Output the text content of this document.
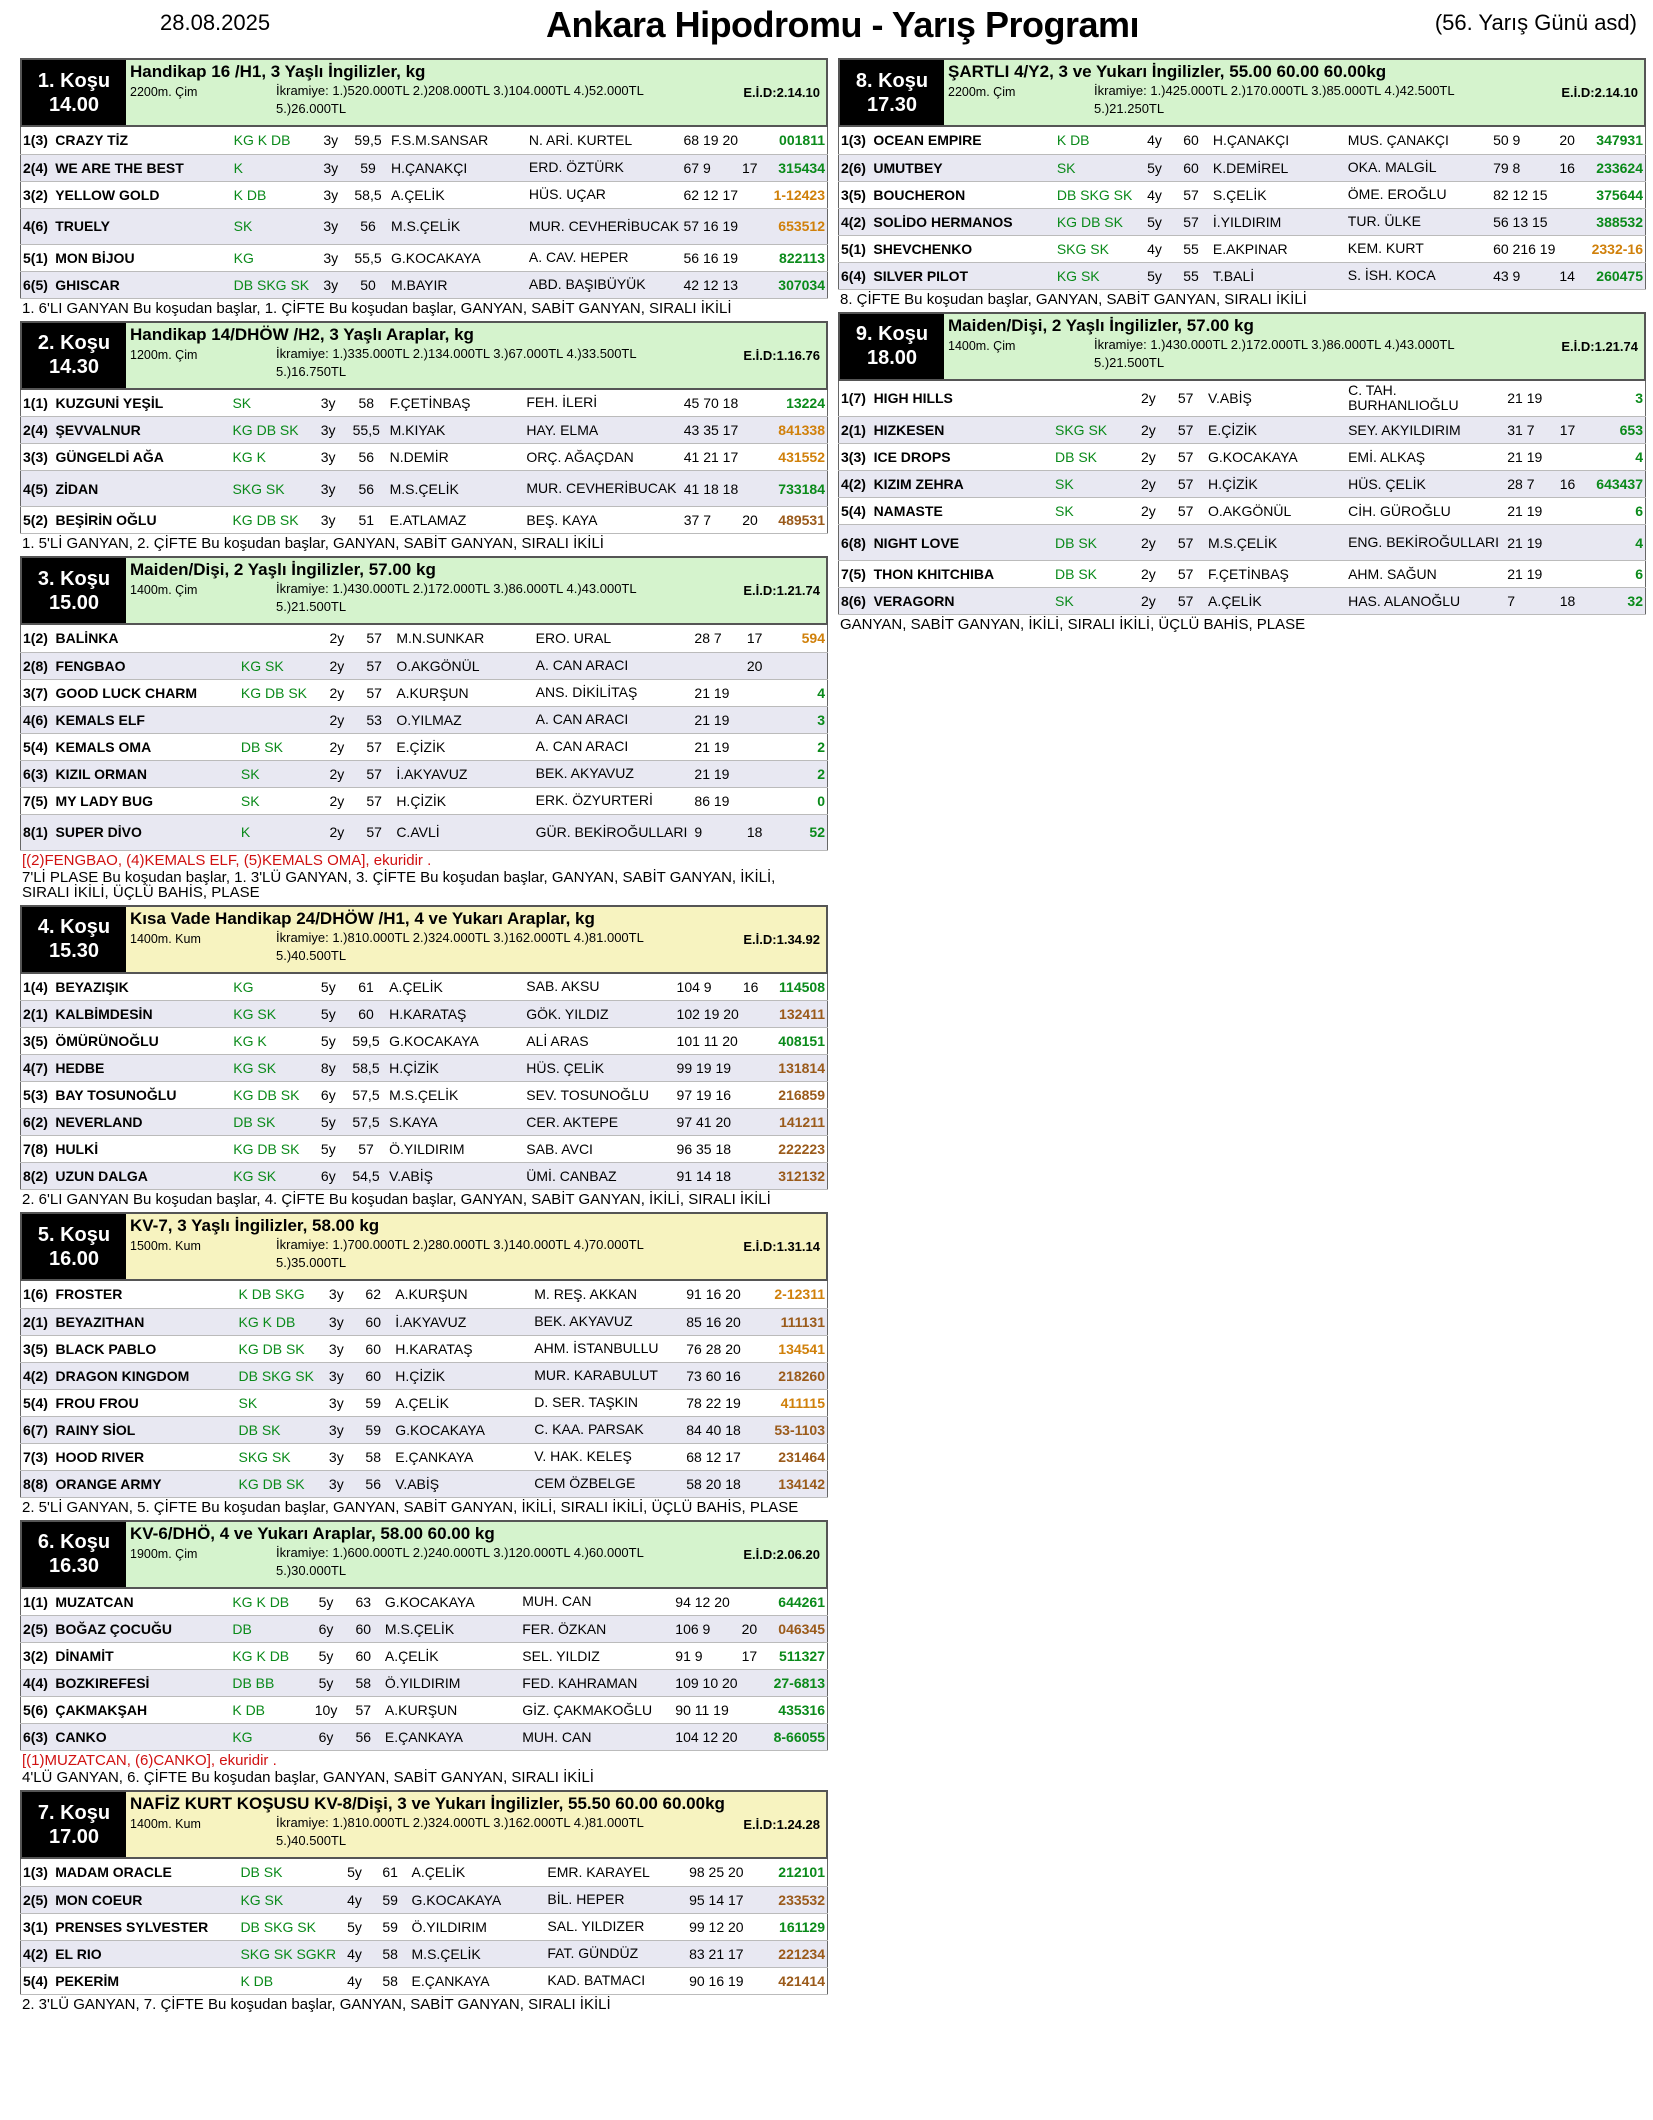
28.08.2025	Ankara Hipodromu - Yarış Programı	(56. Yarış Günü asd)
1. Koşu
14.00
Handikap 16 /H1, 3 Yaşlı İngilizler, kg
2200m. Çim	İkramiye: 1.)520.000TL 2.)208.000TL 3.)104.000TL 4.)52.000TL
5.)26.000TL
E.İ.D:2.14.10
1(3)	CRAZY TİZ	KG K DB	3y	59,5	F.S.M.SANSAR	N. ARİ. KURTEL	68 19 20		001811
2(4)	WE ARE THE BEST	K	3y	59	H.ÇANAKÇI	ERD. ÖZTÜRK	67 9	17	315434
3(2)	YELLOW GOLD	K DB	3y	58,5	A.ÇELİK	HÜS. UÇAR	62 12 17		1-12423
4(6)	TRUELY	SK	3y	56	M.S.ÇELİK	MUR. CEVHERİBUCAK	57 16 19		653512
5(1)	MON BİJOU	KG	3y	55,5	G.KOCAKAYA	A. CAV. HEPER	56 16 19		822113
6(5)	GHISCAR	DB SKG SK	3y	50	M.BAYIR	ABD. BAŞIBÜYÜK	42 12 13		307034
1. 6'LI GANYAN Bu koşudan başlar, 1. ÇİFTE Bu koşudan başlar, GANYAN, SABİT GANYAN, SIRALI İKİLİ
2. Koşu
14.30
Handikap 14/DHÖW /H2, 3 Yaşlı Araplar, kg
1200m. Çim	İkramiye: 1.)335.000TL 2.)134.000TL 3.)67.000TL 4.)33.500TL
5.)16.750TL
E.İ.D:1.16.76
1(1)	KUZGUNİ YEŞİL	SK	3y	58	F.ÇETİNBAŞ	FEH. İLERİ	45 70 18		13224
2(4)	ŞEVVALNUR	KG DB SK	3y	55,5	M.KIYAK	HAY. ELMA	43 35 17		841338
3(3)	GÜNGELDİ AĞA	KG K	3y	56	N.DEMİR	ORÇ. AĞAÇDAN	41 21 17		431552
4(5)	ZİDAN	SKG SK	3y	56	M.S.ÇELİK	MUR. CEVHERİBUCAK	41 18 18		733184
5(2)	BEŞİRİN OĞLU	KG DB SK	3y	51	E.ATLAMAZ	BEŞ. KAYA	37 7	20	489531
1. 5'Lİ GANYAN, 2. ÇİFTE Bu koşudan başlar, GANYAN, SABİT GANYAN, SIRALI İKİLİ
3. Koşu
15.00
Maiden/Dişi, 2 Yaşlı İngilizler, 57.00 kg
1400m. Çim	İkramiye: 1.)430.000TL 2.)172.000TL 3.)86.000TL 4.)43.000TL
5.)21.500TL
E.İ.D:1.21.74
1(2)	BALİNKA		2y	57	M.N.SUNKAR	ERO. URAL	28 7	17	594
2(8)	FENGBAO	KG SK	2y	57	O.AKGÖNÜL	A. CAN ARACI		20	
3(7)	GOOD LUCK CHARM	KG DB SK	2y	57	A.KURŞUN	ANS. DİKİLİTAŞ	21 19		4
4(6)	KEMALS ELF		2y	53	O.YILMAZ	A. CAN ARACI	21 19		3
5(4)	KEMALS OMA	DB SK	2y	57	E.ÇİZİK	A. CAN ARACI	21 19		2
6(3)	KIZIL ORMAN	SK	2y	57	İ.AKYAVUZ	BEK. AKYAVUZ	21 19		2
7(5)	MY LADY BUG	SK	2y	57	H.ÇİZİK	ERK. ÖZYURTERİ	86 19		0
8(1)	SUPER DİVO	K	2y	57	C.AVLİ	GÜR. BEKİROĞULLARI	9	18	52
[(2)FENGBAO, (4)KEMALS ELF, (5)KEMALS OMA], ekuridir .
7'Lİ PLASE Bu koşudan başlar, 1. 3'LÜ GANYAN, 3. ÇİFTE Bu koşudan başlar, GANYAN, SABİT GANYAN, İKİLİ, SIRALI İKİLİ, ÜÇLÜ BAHİS, PLASE
4. Koşu
15.30
Kısa Vade Handikap 24/DHÖW /H1, 4 ve Yukarı Araplar, kg
1400m. Kum	İkramiye: 1.)810.000TL 2.)324.000TL 3.)162.000TL 4.)81.000TL
5.)40.500TL
E.İ.D:1.34.92
1(4)	BEYAZIŞIK	KG	5y	61	A.ÇELİK	SAB. AKSU	104 9	16	114508
2(1)	KALBİMDESİN	KG SK	5y	60	H.KARATAŞ	GÖK. YILDIZ	102 19 20		132411
3(5)	ÖMÜRÜNOĞLU	KG K	5y	59,5	G.KOCAKAYA	ALİ ARAS	101 11 20		408151
4(7)	HEDBE	KG SK	8y	58,5	H.ÇİZİK	HÜS. ÇELİK	99 19 19		131814
5(3)	BAY TOSUNOĞLU	KG DB SK	6y	57,5	M.S.ÇELİK	SEV. TOSUNOĞLU	97 19 16		216859
6(2)	NEVERLAND	DB SK	5y	57,5	S.KAYA	CER. AKTEPE	97 41 20		141211
7(8)	HULKİ	KG DB SK	5y	57	Ö.YILDIRIM	SAB. AVCI	96 35 18		222223
8(2)	UZUN DALGA	KG SK	6y	54,5	V.ABİŞ	ÜMİ. CANBAZ	91 14 18		312132
2. 6'LI GANYAN Bu koşudan başlar, 4. ÇİFTE Bu koşudan başlar, GANYAN, SABİT GANYAN, İKİLİ, SIRALI İKİLİ
5. Koşu
16.00
KV-7, 3 Yaşlı İngilizler, 58.00 kg
1500m. Kum	İkramiye: 1.)700.000TL 2.)280.000TL 3.)140.000TL 4.)70.000TL
5.)35.000TL
E.İ.D:1.31.14
1(6)	FROSTER	K DB SKG	3y	62	A.KURŞUN	M. REŞ. AKKAN	91 16 20		2-12311
2(1)	BEYAZITHAN	KG K DB	3y	60	İ.AKYAVUZ	BEK. AKYAVUZ	85 16 20		111131
3(5)	BLACK PABLO	KG DB SK	3y	60	H.KARATAŞ	AHM. İSTANBULLU	76 28 20		134541
4(2)	DRAGON KINGDOM	DB SKG SK	3y	60	H.ÇİZİK	MUR. KARABULUT	73 60 16		218260
5(4)	FROU FROU	SK	3y	59	A.ÇELİK	D. SER. TAŞKIN	78 22 19		411115
6(7)	RAINY SİOL	DB SK	3y	59	G.KOCAKAYA	C. KAA. PARSAK	84 40 18		53-1103
7(3)	HOOD RIVER	SKG SK	3y	58	E.ÇANKAYA	V. HAK. KELEŞ	68 12 17		231464
8(8)	ORANGE ARMY	KG DB SK	3y	56	V.ABİŞ	CEM ÖZBELGE	58 20 18		134142
2. 5'Lİ GANYAN, 5. ÇİFTE Bu koşudan başlar, GANYAN, SABİT GANYAN, İKİLİ, SIRALI İKİLİ, ÜÇLÜ BAHİS, PLASE
6. Koşu
16.30
KV-6/DHÖ, 4 ve Yukarı Araplar, 58.00 60.00 kg
1900m. Çim	İkramiye: 1.)600.000TL 2.)240.000TL 3.)120.000TL 4.)60.000TL
5.)30.000TL
E.İ.D:2.06.20
1(1)	MUZATCAN	KG K DB	5y	63	G.KOCAKAYA	MUH. CAN	94 12 20		644261
2(5)	BOĞAZ ÇOCUĞU	DB	6y	60	M.S.ÇELİK	FER. ÖZKAN	106 9	20	046345
3(2)	DİNAMİT	KG K DB	5y	60	A.ÇELİK	SEL. YILDIZ	91 9	17	511327
4(4)	BOZKIREFESİ	DB BB	5y	58	Ö.YILDIRIM	FED. KAHRAMAN	109 10 20		27-6813
5(6)	ÇAKMAKŞAH	K DB	10y	57	A.KURŞUN	GİZ. ÇAKMAKOĞLU	90 11 19		435316
6(3)	CANKO	KG	6y	56	E.ÇANKAYA	MUH. CAN	104 12 20		8-66055
[(1)MUZATCAN, (6)CANKO], ekuridir .
4'LÜ GANYAN, 6. ÇİFTE Bu koşudan başlar, GANYAN, SABİT GANYAN, SIRALI İKİLİ
7. Koşu
17.00
NAFİZ KURT KOŞUSU KV-8/Dişi, 3 ve Yukarı İngilizler, 55.50 60.00 60.00kg
1400m. Kum	İkramiye: 1.)810.000TL 2.)324.000TL 3.)162.000TL 4.)81.000TL
5.)40.500TL
E.İ.D:1.24.28
1(3)	MADAM ORACLE	DB SK	5y	61	A.ÇELİK	EMR. KARAYEL	98 25 20		212101
2(5)	MON COEUR	KG SK	4y	59	G.KOCAKAYA	BİL. HEPER	95 14 17		233532
3(1)	PRENSES SYLVESTER	DB SKG SK	5y	59	Ö.YILDIRIM	SAL. YILDIZER	99 12 20		161129
4(2)	EL RIO	SKG SK SGKR	4y	58	M.S.ÇELİK	FAT. GÜNDÜZ	83 21 17		221234
5(4)	PEKERİM	K DB	4y	58	E.ÇANKAYA	KAD. BATMACI	90 16 19		421414
2. 3'LÜ GANYAN, 7. ÇİFTE Bu koşudan başlar, GANYAN, SABİT GANYAN, SIRALI İKİLİ
8. Koşu
17.30
ŞARTLI 4/Y2, 3 ve Yukarı İngilizler, 55.00 60.00 60.00kg
2200m. Çim	İkramiye: 1.)425.000TL 2.)170.000TL 3.)85.000TL 4.)42.500TL
5.)21.250TL
E.İ.D:2.14.10
1(3)	OCEAN EMPIRE	K DB	4y	60	H.ÇANAKÇI	MUS. ÇANAKÇI	50 9	20	347931
2(6)	UMUTBEY	SK	5y	60	K.DEMİREL	OKA. MALGİL	79 8	16	233624
3(5)	BOUCHERON	DB SKG SK	4y	57	S.ÇELİK	ÖME. EROĞLU	82 12 15		375644
4(2)	SOLİDO HERMANOS	KG DB SK	5y	57	İ.YILDIRIM	TUR. ÜLKE	56 13 15		388532
5(1)	SHEVCHENKO	SKG SK	4y	55	E.AKPINAR	KEM. KURT	60 216 19		2332-16
6(4)	SILVER PILOT	KG SK	5y	55	T.BALİ	S. İSH. KOCA	43 9	14	260475
8. ÇİFTE Bu koşudan başlar, GANYAN, SABİT GANYAN, SIRALI İKİLİ
9. Koşu
18.00
Maiden/Dişi, 2 Yaşlı İngilizler, 57.00 kg
1400m. Çim	İkramiye: 1.)430.000TL 2.)172.000TL 3.)86.000TL 4.)43.000TL
5.)21.500TL
E.İ.D:1.21.74
1(7)	HIGH HILLS		2y	57	V.ABİŞ	C. TAH. BURHANLIOĞLU	21 19		3
2(1)	HIZKESEN	SKG SK	2y	57	E.ÇİZİK	SEY. AKYILDIRIM	31 7	17	653
3(3)	ICE DROPS	DB SK	2y	57	G.KOCAKAYA	EMİ. ALKAŞ	21 19		4
4(2)	KIZIM ZEHRA	SK	2y	57	H.ÇİZİK	HÜS. ÇELİK	28 7	16	643437
5(4)	NAMASTE	SK	2y	57	O.AKGÖNÜL	CİH. GÜROĞLU	21 19		6
6(8)	NIGHT LOVE	DB SK	2y	57	M.S.ÇELİK	ENG. BEKİROĞULLARI	21 19		4
7(5)	THON KHITCHIBA	DB SK	2y	57	F.ÇETİNBAŞ	AHM. SAĞUN	21 19		6
8(6)	VERAGORN	SK	2y	57	A.ÇELİK	HAS. ALANOĞLU	7	18	32
GANYAN, SABİT GANYAN, İKİLİ, SIRALI İKİLİ, ÜÇLÜ BAHİS, PLASE
